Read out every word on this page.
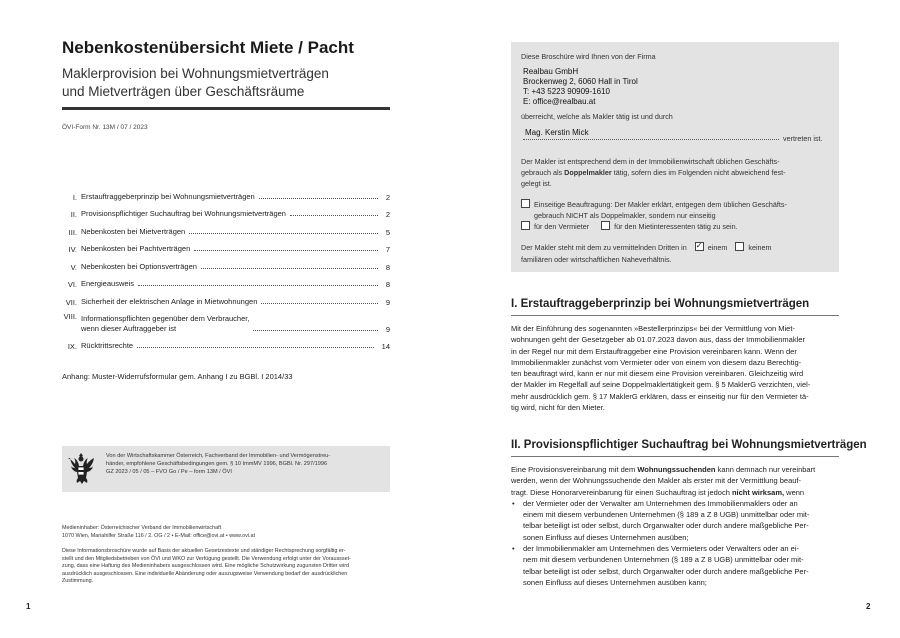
Nebenkostenübersicht Miete / Pacht
Maklerprovision bei Wohnungsmietverträgen
und Mietverträgen über Geschäftsräume
ÖVI-Form Nr. 13M / 07 / 2023
I. Erstauftraggeberprinzip bei Wohnungsmietverträgen	2
II. Provisionspflichtiger Suchauftrag bei Wohnungsmietverträgen	2
III. Nebenkosten bei Mietverträgen	5
IV. Nebenkosten bei Pachtverträgen	7
V. Nebenkosten bei Optionsverträgen	8
VI. Energieausweis	8
VII. Sicherheit der elektrischen Anlage in Mietwohnungen	9
VIII. Informationspflichten gegenüber dem Verbraucher,
wenn dieser Auftraggeber ist	9
IX. Rücktrittsrechte	14
Anhang: Muster-Widerrufsformular gem. Anhang I zu BGBl. I 2014/33
Von der Wirtschaftskammer Österreich, Fachverband der Immobilien- und Vermögenstreu-
händer, empfohlene Geschäftsbedingungen gem. § 10 ImmMV 1996, BGBl. Nr. 297/1996
GZ 2023 / 05 / 05 – FVO Go / Pe – form 13M / ÖVI
Medieninhaber: Österreichischer Verband der Immobilienwirtschaft
1070 Wien, Mariahilfer Straße 116 / 2. OG / 2 • E-Mail: office@ovi.at • www.ovi.at
Diese Informationsbroschüre wurde auf Basis der aktuellen Gesetzestexte und ständiger Rechtsprechung sorgfältig er-
stellt und den Mitgliedsbetrieben von ÖVI und WKO zur Verfügung gestellt. Die Verwendung erfolgt unter der Voraussset-
zung, dass eine Haftung des Medieninhabers ausgeschlossen wird. Eine mögliche Schutzwirkung zugunsten Dritter wird
ausdrücklich ausgeschlossen. Eine individuelle Abänderung oder auszugsweise Verwendung bedarf der ausdrücklichen
Zustimmung.
1
Diese Broschüre wird Ihnen von der Firma
Realbau GmbH
Brockenweg 2, 6060 Hall in Tirol
T: +43 5223 90909-1610
E: office@realbau.at
überreicht, welche als Makler tätig ist und durch
Mag. Kerstin Mick
vertreten ist.
Der Makler ist entsprechend dem in der Immobilienwirtschaft üblichen Geschäfts-
gebrauch als Doppelmakler tätig, sofern dies im Folgenden nicht abweichend fest-
gelegt ist.
Einseitige Beauftragung: Der Makler erklärt, entgegen dem üblichen Geschäfts-
gebrauch NICHT als Doppelmakler, sondern nur einseitig
für den Vermieter	für den Mietinteressenten tätig zu sein.
Der Makler steht mit dem zu vermittelnden Dritten in ✓	einem	keinem
familiären oder wirtschaftlichen Naheverhältnis.
I. Erstauftraggeberprinzip bei Wohnungsmietverträgen
Mit der Einführung des sogenannten »Bestellerprinzips« bei der Vermittlung von Miet-
wohnungen geht der Gesetzgeber ab 01.07.2023 davon aus, dass der Immobilienmakler
in der Regel nur mit dem Erstauftraggeber eine Provision vereinbaren kann. Wenn der
Immobilienmakler zunächst vom Vermieter oder von einem von diesem dazu Berechtig-
ten beauftragt wird, kann er nur mit diesem eine Provision vereinbaren. Gleichzeitig wird
der Makler im Regelfall auf seine Doppelmaklertätigkeit gem. § 5 MaklerG verzichten, viel-
mehr ausdrücklich gem. § 17 MaklerG erklären, dass er einseitig nur für den Vermieter tä-
tig wird, nicht für den Mieter.
II. Provisionspflichtiger Suchauftrag bei Wohnungsmietverträgen
Eine Provisionsvereinbarung mit dem Wohnungssuchenden kann demnach nur vereinbart
werden, wenn der Wohnungssuchende den Makler als erster mit der Vermittlung beauf-
tragt. Diese Honorarvereinbarung für einen Suchauftrag ist jedoch nicht wirksam, wenn
• der Vermieter oder der Verwalter am Unternehmen des Immobilienmaklers oder an
einem mit diesem verbundenen Unternehmen (§ 189 a Z 8 UGB) unmittelbar oder mit-
telbar beteiligt ist oder selbst, durch Organwalter oder durch andere maßgebliche Per-
sonen Einfluss auf dieses Unternehmen ausüben;
• der Immobilienmakler am Unternehmen des Vermieters oder Verwalters oder an ei-
nem mit diesem verbundenen Unternehmen (§ 189 a Z 8 UGB) unmittelbar oder mit-
telbar beteiligt ist oder selbst, durch Organwalter oder durch andere maßgebliche Per-
sonen Einfluss auf dieses Unternehmen ausüben kann;
2
